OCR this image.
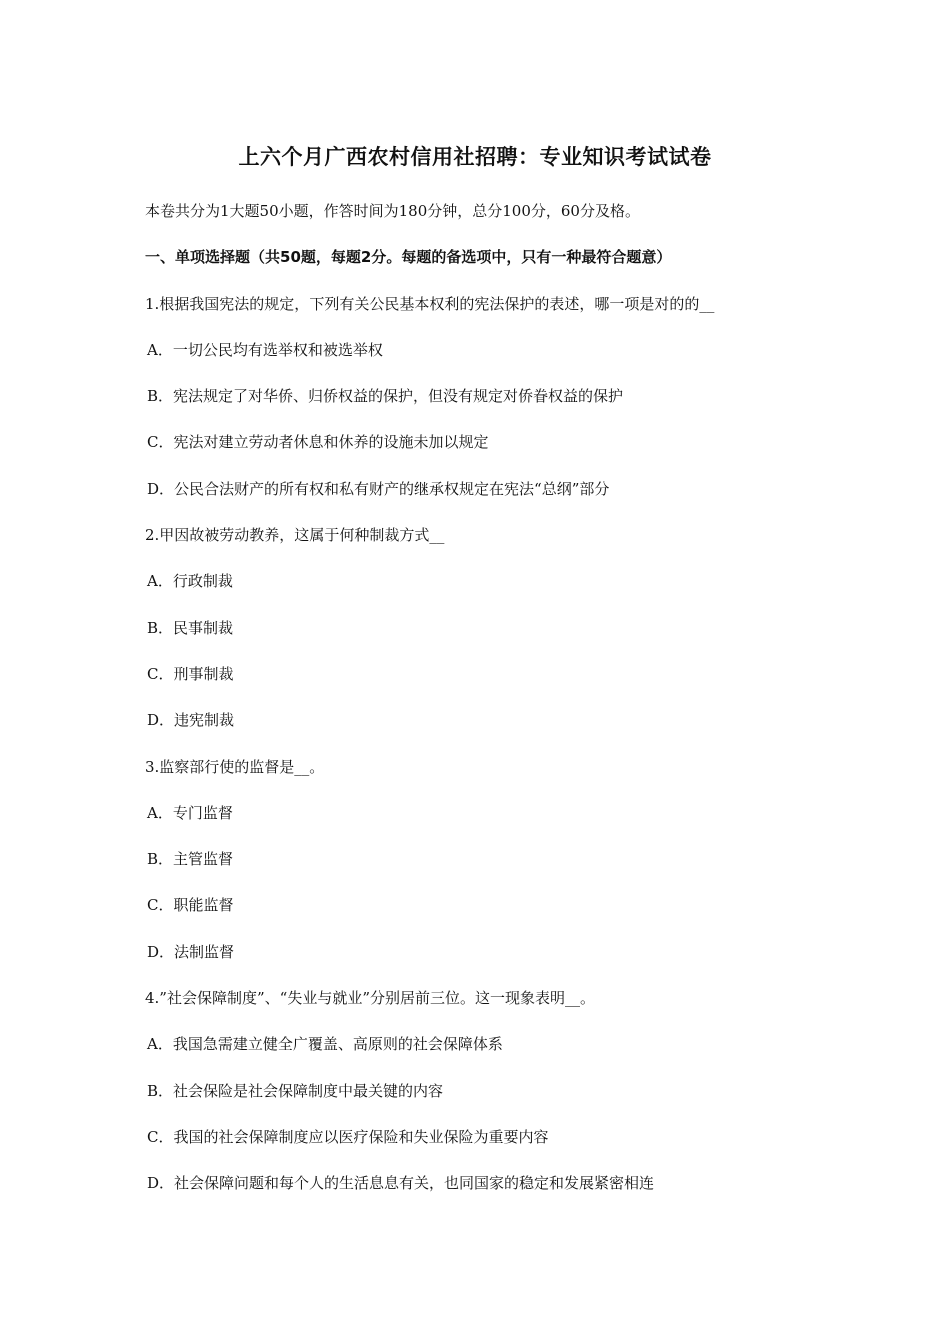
上六个月广西农村信用社招聘：专业知识考试试卷
本卷共分为1大题50小题，作答时间为180分钟，总分100分，60分及格。
一、单项选择题（共50题，每题2分。每题的备选项中，只有一种最符合题意）
1.根据我国宪法的规定，下列有关公民基本权利的宪法保护的表述，哪一项是对的的__
A．一切公民均有选举权和被选举权
B．宪法规定了对华侨、归侨权益的保护，但没有规定对侨眷权益的保护
C．宪法对建立劳动者休息和休养的设施未加以规定
D．公民合法财产的所有权和私有财产的继承权规定在宪法“总纲”部分
2.甲因故被劳动教养，这属于何种制裁方式__
A．行政制裁
B．民事制裁
C．刑事制裁
D．违宪制裁
3.监察部行使的监督是__。
A．专门监督
B．主管监督
C．职能监督
D．法制监督
4.”社会保障制度”、“失业与就业”分别居前三位。这一现象表明__。
A．我国急需建立健全广覆盖、高原则的社会保障体系
B．社会保险是社会保障制度中最关键的内容
C．我国的社会保障制度应以医疗保险和失业保险为重要内容
D．社会保障问题和每个人的生活息息有关，也同国家的稳定和发展紧密相连
